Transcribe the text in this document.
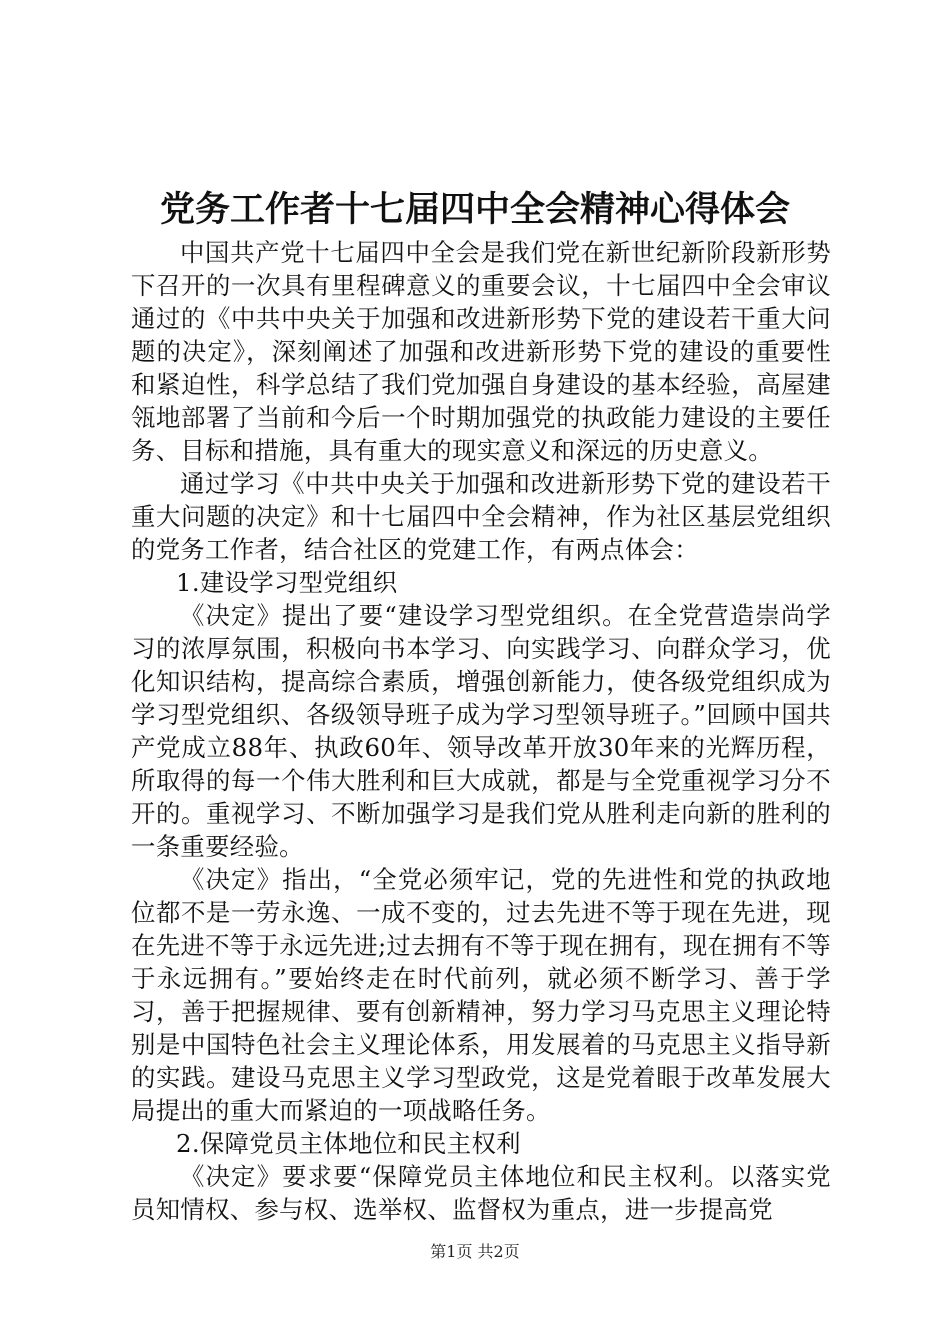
党务工作者十七届四中全会精神心得体会

中国共产党十七届四中全会是我们党在新世纪新阶段新形势下召开的一次具有里程碑意义的重要会议，十七届四中全会审议通过的《中共中央关于加强和改进新形势下党的建设若干重大问题的决定》，深刻阐述了加强和改进新形势下党的建设的重要性和紧迫性，科学总结了我们党加强自身建设的基本经验，高屋建瓴地部署了当前和今后一个时期加强党的执政能力建设的主要任务、目标和措施，具有重大的现实意义和深远的历史意义。

通过学习《中共中央关于加强和改进新形势下党的建设若干重大问题的决定》和十七届四中全会精神，作为社区基层党组织的党务工作者，结合社区的党建工作，有两点体会：

1.建设学习型党组织

《决定》提出了要“建设学习型党组织。在全党营造崇尚学习的浓厚氛围，积极向书本学习、向实践学习、向群众学习，优化知识结构，提高综合素质，增强创新能力，使各级党组织成为学习型党组织、各级领导班子成为学习型领导班子。”回顾中国共产党成立88年、执政60年、领导改革开放30年来的光辉历程，所取得的每一个伟大胜利和巨大成就，都是与全党重视学习分不开的。重视学习、不断加强学习是我们党从胜利走向新的胜利的一条重要经验。

《决定》指出，“全党必须牢记，党的先进性和党的执政地位都不是一劳永逸、一成不变的，过去先进不等于现在先进，现在先进不等于永远先进;过去拥有不等于现在拥有，现在拥有不等于永远拥有。”要始终走在时代前列，就必须不断学习、善于学习，善于把握规律、要有创新精神，努力学习马克思主义理论特别是中国特色社会主义理论体系，用发展着的马克思主义指导新的实践。建设马克思主义学习型政党，这是党着眼于改革发展大局提出的重大而紧迫的一项战略任务。

2.保障党员主体地位和民主权利

《决定》要求要“保障党员主体地位和民主权利。以落实党员知情权、参与权、选举权、监督权为重点，进一步提高党

第1页 共2页
